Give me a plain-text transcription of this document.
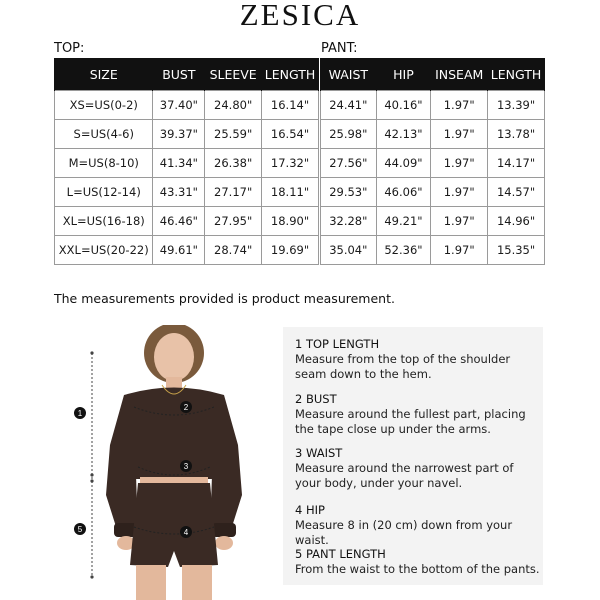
ZESICA
TOP:	PANT:
SIZE	BUST	SLEEVE	LENGTH
XS=US(0-2)	37.40"	24.80"	16.14"
S=US(4-6)	39.37"	25.59"	16.54"
M=US(8-10)	41.34"	26.38"	17.32"
L=US(12-14)	43.31"	27.17"	18.11"
XL=US(16-18)	46.46"	27.95"	18.90"
XXL=US(20-22)	49.61"	28.74"	19.69"
WAIST	HIP	INSEAM	LENGTH
24.41"	40.16"	1.97"	13.39"
25.98"	42.13"	1.97"	13.78"
27.56"	44.09"	1.97"	14.17"
29.53"	46.06"	1.97"	14.57"
32.28"	49.21"	1.97"	14.96"
35.04"	52.36"	1.97"	15.35"
The measurements provided is product measurement.
1
2
3
4
5
1 TOP LENGTH
Measure from the top of the shoulder seam down to the hem.
2 BUST
Measure around the fullest part, placing the tape close up under the arms.
3 WAIST
Measure around the narrowest part of your body, under your navel.
4 HIP
Measure 8 in (20 cm) down from your waist.
5 PANT LENGTH
From the waist to the bottom of the pants.
